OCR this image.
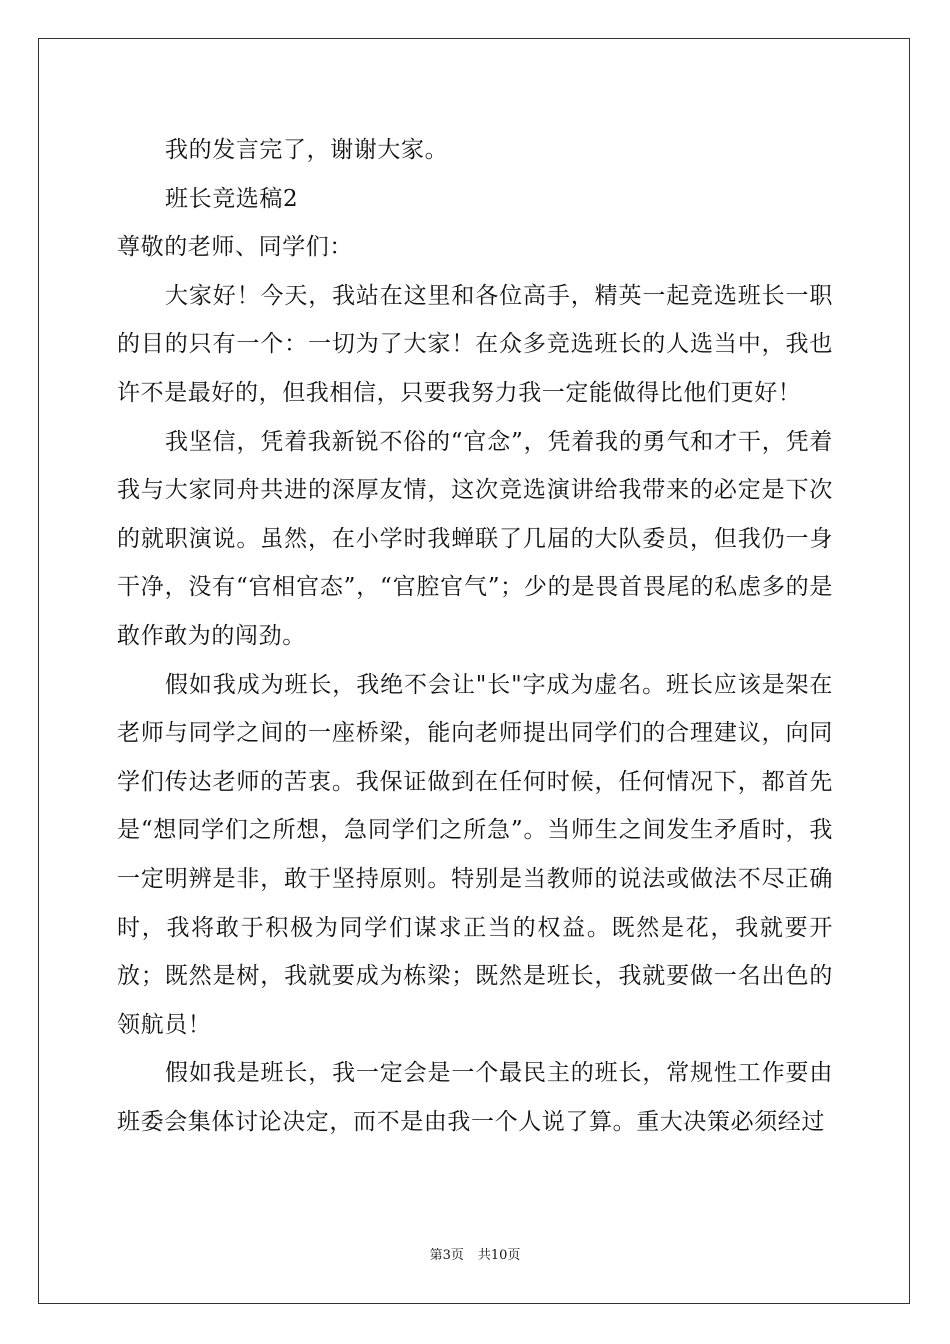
我的发言完了，谢谢大家。

班长竞选稿2

尊敬的老师、同学们：

大家好！今天，我站在这里和各位高手，精英一起竞选班长一职的目的只有一个：一切为了大家！在众多竞选班长的人选当中，我也许不是最好的，但我相信，只要我努力我一定能做得比他们更好！

我坚信，凭着我新锐不俗的“官念”，凭着我的勇气和才干，凭着我与大家同舟共进的深厚友情，这次竞选演讲给我带来的必定是下次的就职演说。虽然，在小学时我蝉联了几届的大队委员，但我仍一身干净，没有“官相官态”，“官腔官气”；少的是畏首畏尾的私虑多的是敢作敢为的闯劲。

假如我成为班长，我绝不会让"长"字成为虚名。班长应该是架在老师与同学之间的一座桥梁，能向老师提出同学们的合理建议，向同学们传达老师的苦衷。我保证做到在任何时候，任何情况下，都首先是“想同学们之所想，急同学们之所急”。当师生之间发生矛盾时，我一定明辨是非，敢于坚持原则。特别是当教师的说法或做法不尽正确时，我将敢于积极为同学们谋求正当的权益。既然是花，我就要开放；既然是树，我就要成为栋梁；既然是班长，我就要做一名出色的领航员！

假如我是班长，我一定会是一个最民主的班长，常规性工作要由班委会集体讨论决定，而不是由我一个人说了算。重大决策必须经过

第3页 共10页
